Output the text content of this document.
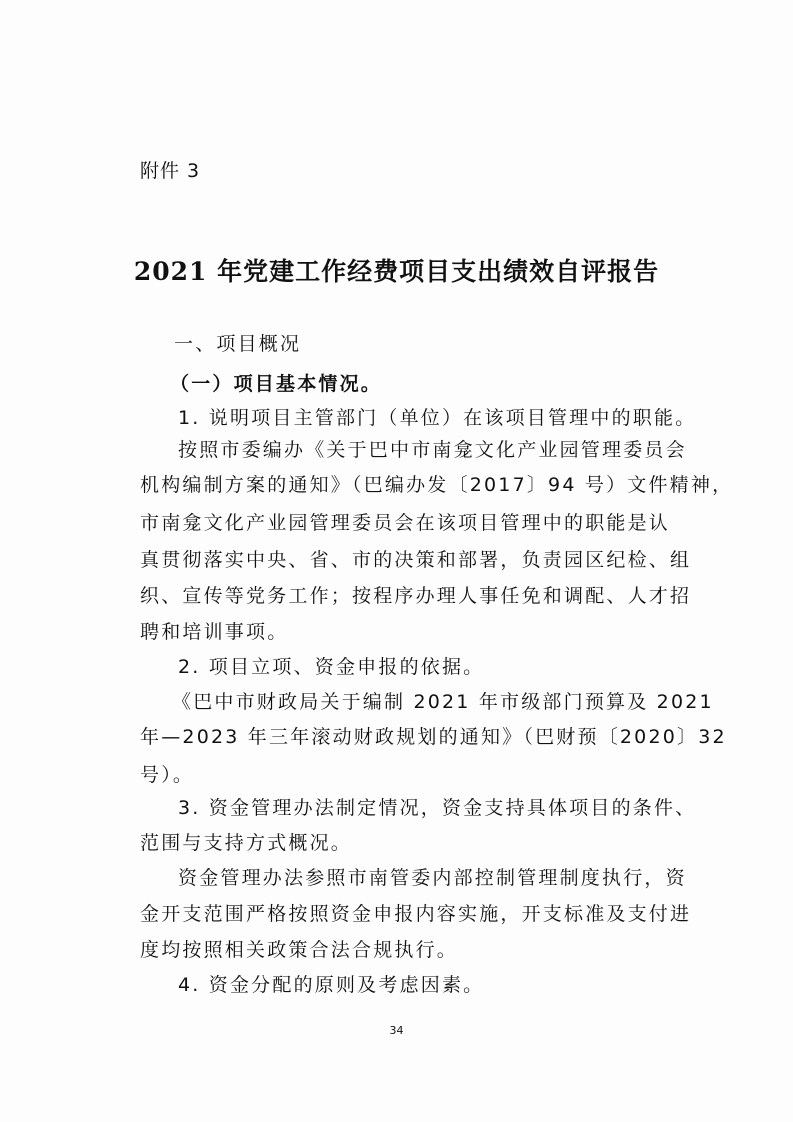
附件 3
2021 年党建工作经费项目支出绩效自评报告
一、项目概况
（一）项目基本情况。
1. 说明项目主管部门（单位）在该项目管理中的职能。
按照市委编办《关于巴中市南龛文化产业园管理委员会
机构编制方案的通知》（巴编办发〔2017〕94 号）文件精神，
市南龛文化产业园管理委员会在该项目管理中的职能是认
真贯彻落实中央、省、市的决策和部署，负责园区纪检、组
织、宣传等党务工作；按程序办理人事任免和调配、人才招
聘和培训事项。
2. 项目立项、资金申报的依据。
《巴中市财政局关于编制 2021 年市级部门预算及 2021
年—2023 年三年滚动财政规划的通知》（巴财预〔2020〕32
号）。
3. 资金管理办法制定情况，资金支持具体项目的条件、
范围与支持方式概况。
资金管理办法参照市南管委内部控制管理制度执行，资
金开支范围严格按照资金申报内容实施，开支标准及支付进
度均按照相关政策合法合规执行。
4. 资金分配的原则及考虑因素。
34
